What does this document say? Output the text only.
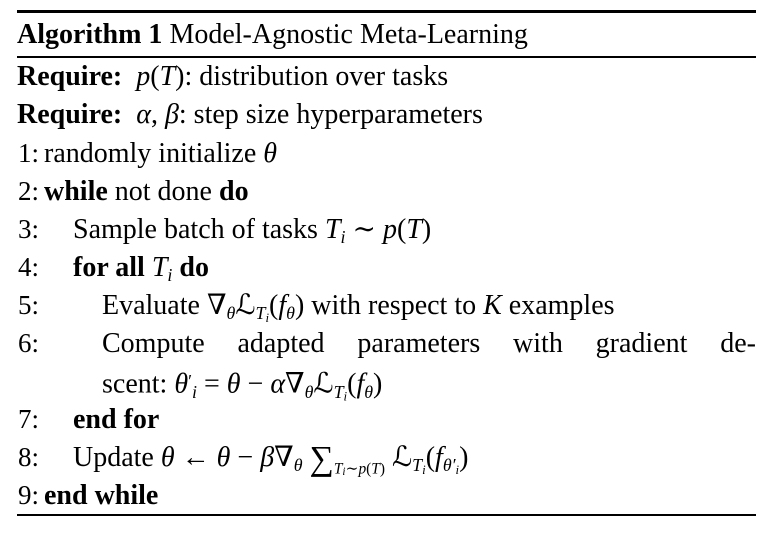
Algorithm 1 Model-Agnostic Meta-Learning
Require:  p(T): distribution over tasks
Require:  α, β: step size hyperparameters
1: randomly initialize θ
2: while not done do
3:	Sample batch of tasks Ti ∼ p(T)
4:	for all Ti do
5:	Evaluate ∇θℒT$_i$(fθ) with respect to K examples
6:	Compute adapted parameters with gradient de-
scent: θ′i = θ − α∇θℒT$_i$(fθ)
7:	end for
8:	Update θ ← θ − β∇θ $\sum_{Ti\sim p(T)}$ $ℒT_i(f\theta'_i)$
9: end while
